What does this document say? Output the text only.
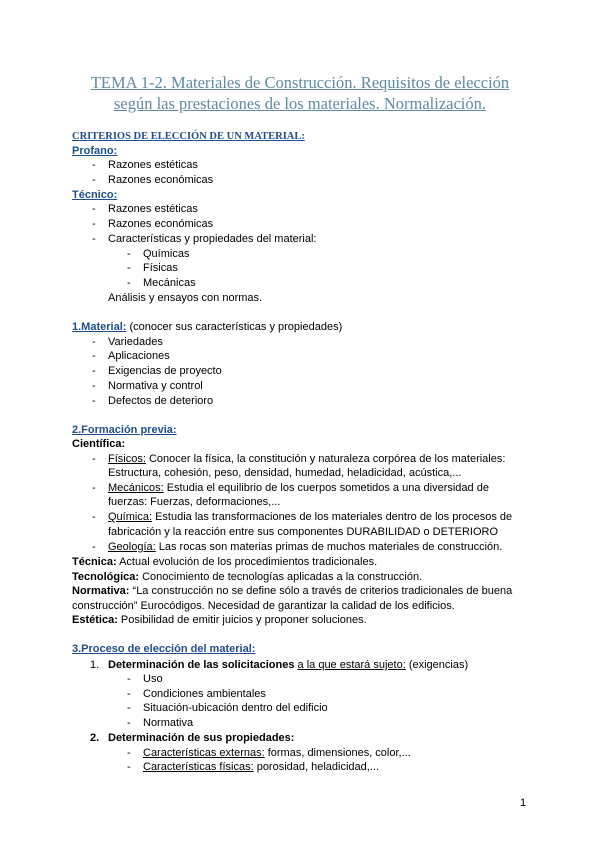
TEMA 1-2. Materiales de Construcción. Requisitos de elección
según las prestaciones de los materiales. Normalización.
CRITERIOS DE ELECCIÓN DE UN MATERIAL:
Profano:
- Razones estéticas
- Razones económicas
Técnico:
- Razones estéticas
- Razones económicas
- Características y propiedades del material:
- Químicas
- Físicas
- Mecánicas
Análisis y ensayos con normas.
1.Material: (conocer sus características y propiedades)
- Variedades
- Aplicaciones
- Exigencias de proyecto
- Normativa y control
- Defectos de deterioro
2.Formación previa:
Científica:
- Físicos: Conocer la física, la constitución y naturaleza corpórea de los materiales:
Estructura, cohesión, peso, densidad, humedad, heladicidad, acústica,...
- Mecánicos: Estudia el equilibrio de los cuerpos sometidos a una diversidad de
fuerzas: Fuerzas, deformaciones,...
- Química: Estudia las transformaciones de los materiales dentro de los procesos de
fabricación y la reacción entre sus componentes DURABILIDAD o DETERIORO
- Geología: Las rocas son materias primas de muchos materiales de construcción.
Técnica: Actual evolución de los procedimientos tradicionales.
Tecnológica: Conocimiento de tecnologías aplicadas a la construcción.
Normativa: “La construcción no se define sólo a través de criterios tradicionales de buena
construcción” Eurocódigos. Necesidad de garantizar la calidad de los edificios.
Estética: Posibilidad de emitir juicios y proponer soluciones.
3.Proceso de elección del material:
1. Determinación de las solicitaciones a la que estará sujeto: (exigencias)
- Uso
- Condiciones ambientales
- Situación-ubicación dentro del edificio
- Normativa
2. Determinación de sus propiedades:
- Características externas: formas, dimensiones, color,...
- Características físicas: porosidad, heladicidad,...
1
